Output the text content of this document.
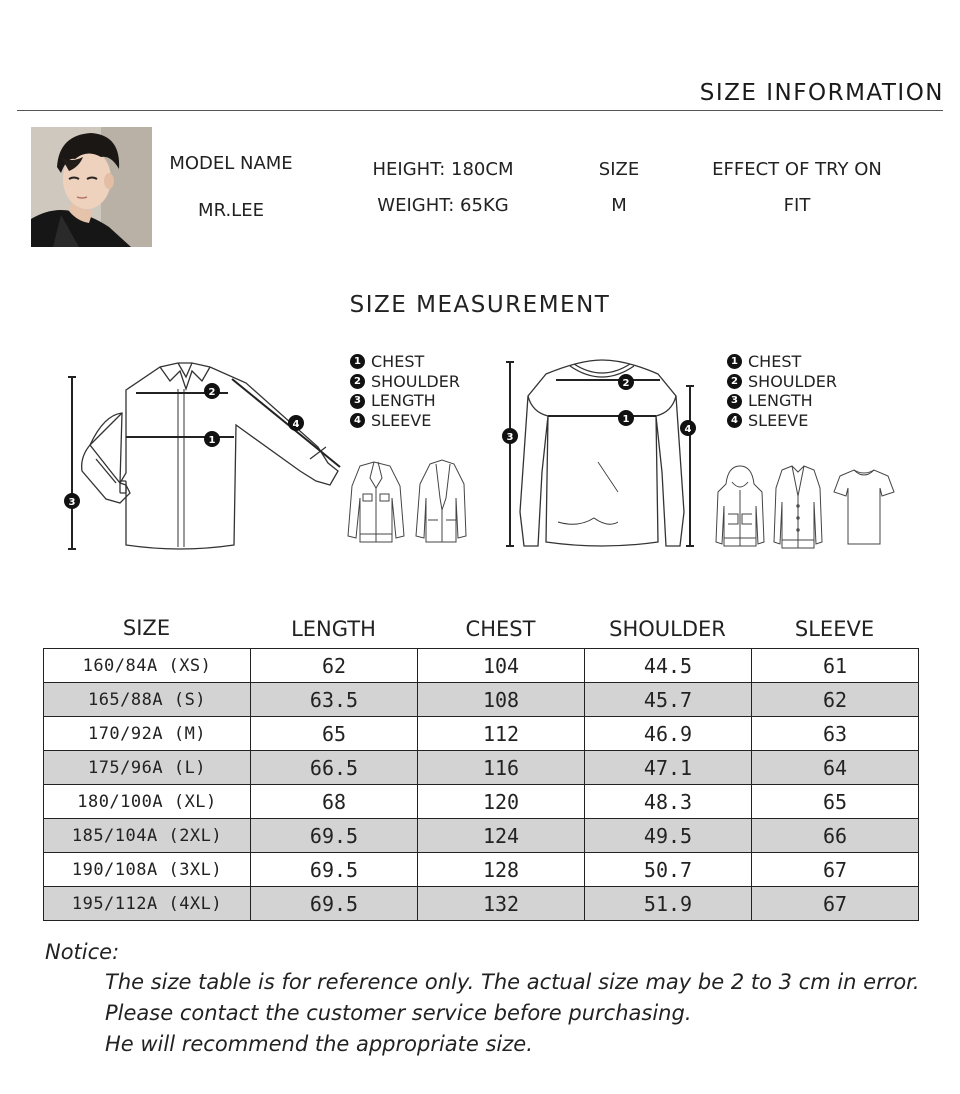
SIZE INFORMATION
MODEL NAME
MR.LEE
HEIGHT: 180CM
WEIGHT: 65KG
SIZE
M
EFFECT OF TRY ON
FIT
SIZE MEASUREMENT
2
1
3
4
1 CHEST
2 SHOULDER
3 LENGTH
4 SLEEVE
2
1
3
4
1 CHEST
2 SHOULDER
3 LENGTH
4 SLEEVE
SIZE	LENGTH	CHEST	SHOULDER	SLEEVE
160/84A (XS)	62	104	44.5	61
165/88A (S)	63.5	108	45.7	62
170/92A (M)	65	112	46.9	63
175/96A (L)	66.5	116	47.1	64
180/100A (XL)	68	120	48.3	65
185/104A (2XL)	69.5	124	49.5	66
190/108A (3XL)	69.5	128	50.7	67
195/112A (4XL)	69.5	132	51.9	67
Notice:
The size table is for reference only. The actual size may be 2 to 3 cm in error.
Please contact the customer service before purchasing.
He will recommend the appropriate size.
